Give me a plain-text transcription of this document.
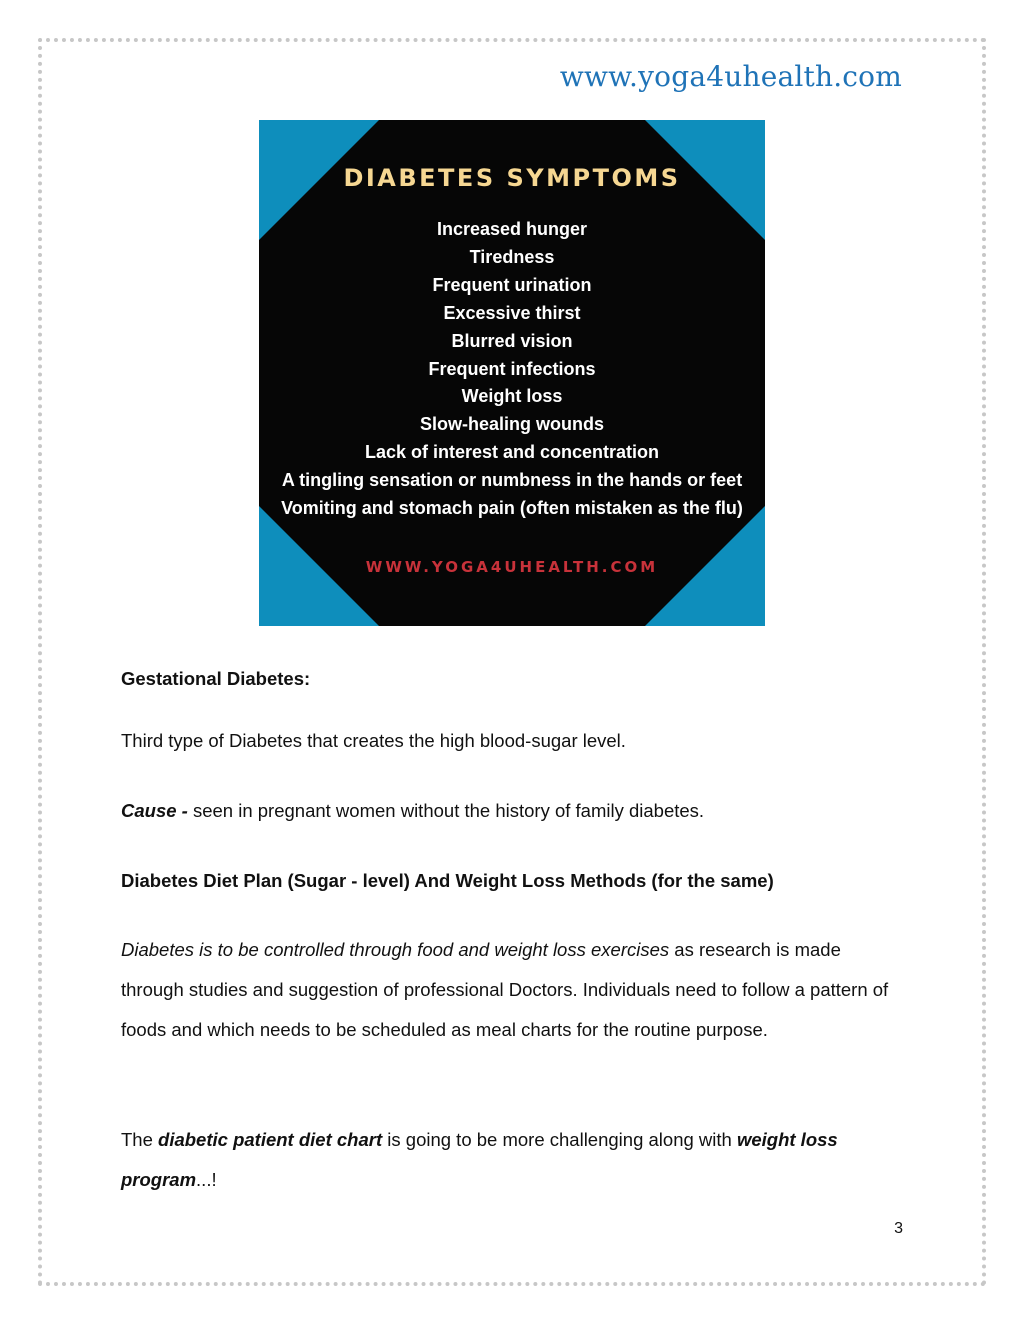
www.yoga4uhealth.com
DIABETES SYMPTOMS
Increased hunger
Tiredness
Frequent urination
Excessive thirst
Blurred vision
Frequent infections
Weight loss
Slow-healing wounds
Lack of interest and concentration
A tingling sensation or numbness in the hands or feet
Vomiting and stomach pain (often mistaken as the flu)
WWW.YOGA4UHEALTH.COM
Gestational Diabetes:
Third type of Diabetes that creates the high blood-sugar level.
Cause - seen in pregnant women without the history of family diabetes.
Diabetes Diet Plan (Sugar - level) And Weight Loss Methods (for the same)
Diabetes is to be controlled through food and weight loss exercises as research is made through studies and suggestion of professional Doctors. Individuals need to follow a pattern of foods and which needs to be scheduled as meal charts for the routine purpose.
The diabetic patient diet chart is going to be more challenging along with weight loss program...!
3
